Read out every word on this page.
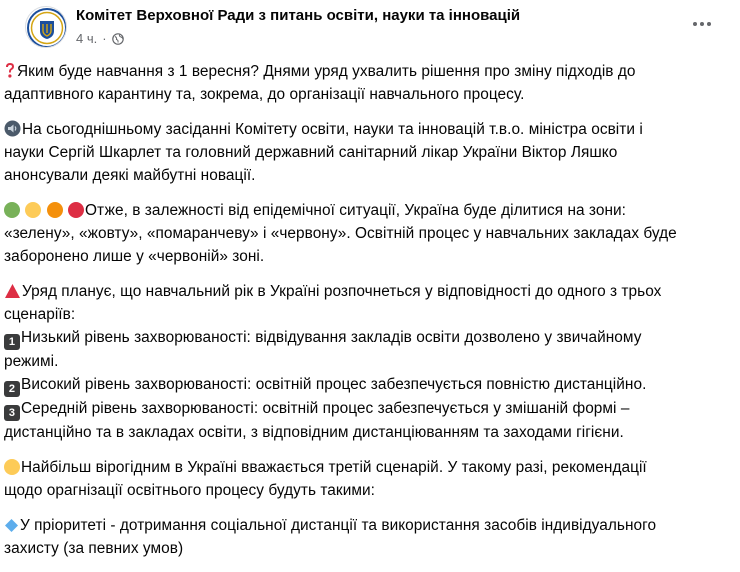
Комітет Верховної Ради з питань освіти, науки та інновацій
4 ч. ·

Яким буде навчання з 1 вересня? Днями уряд ухвалить рішення про зміну підходів до
адаптивного карантину та, зокрема, до організації навчального процесу.

На сьогоднішньому засіданні Комітету освіти, науки та інновацій т.в.о. міністра освіти і
науки Сергій Шкарлет та головний державний санітарний лікар України Віктор Ляшко
анонсували деякі майбутні новації.

Отже, в залежності від епідемічної ситуації, Україна буде ділитися на зони:
«зелену», «жовту», «помаранчеву» і «червону». Освітній процес у навчальних закладах буде
заборонено лише у «червоній» зоні.

Уряд планує, що навчальний рік в Україні розпочнеться у відповідності до одного з трьох
сценаріїв:
1 Низький рівень захворюваності: відвідування закладів освіти дозволено у звичайному
режимі.
2 Високий рівень захворюваності: освітній процес забезпечується повністю дистанційно.
3 Середній рівень захворюваності: освітній процес забезпечується у змішаній формі –
дистанційно та в закладах освіти, з відповідним дистанціюванням та заходами гігієни.

Найбільш вірогідним в Україні вважається третій сценарій. У такому разі, рекомендації
щодо орагнізації освітнього процесу будуть такими:

У пріоритеті - дотримання соціальної дистанції та використання засобів індивідуального
захисту (за певних умов)
